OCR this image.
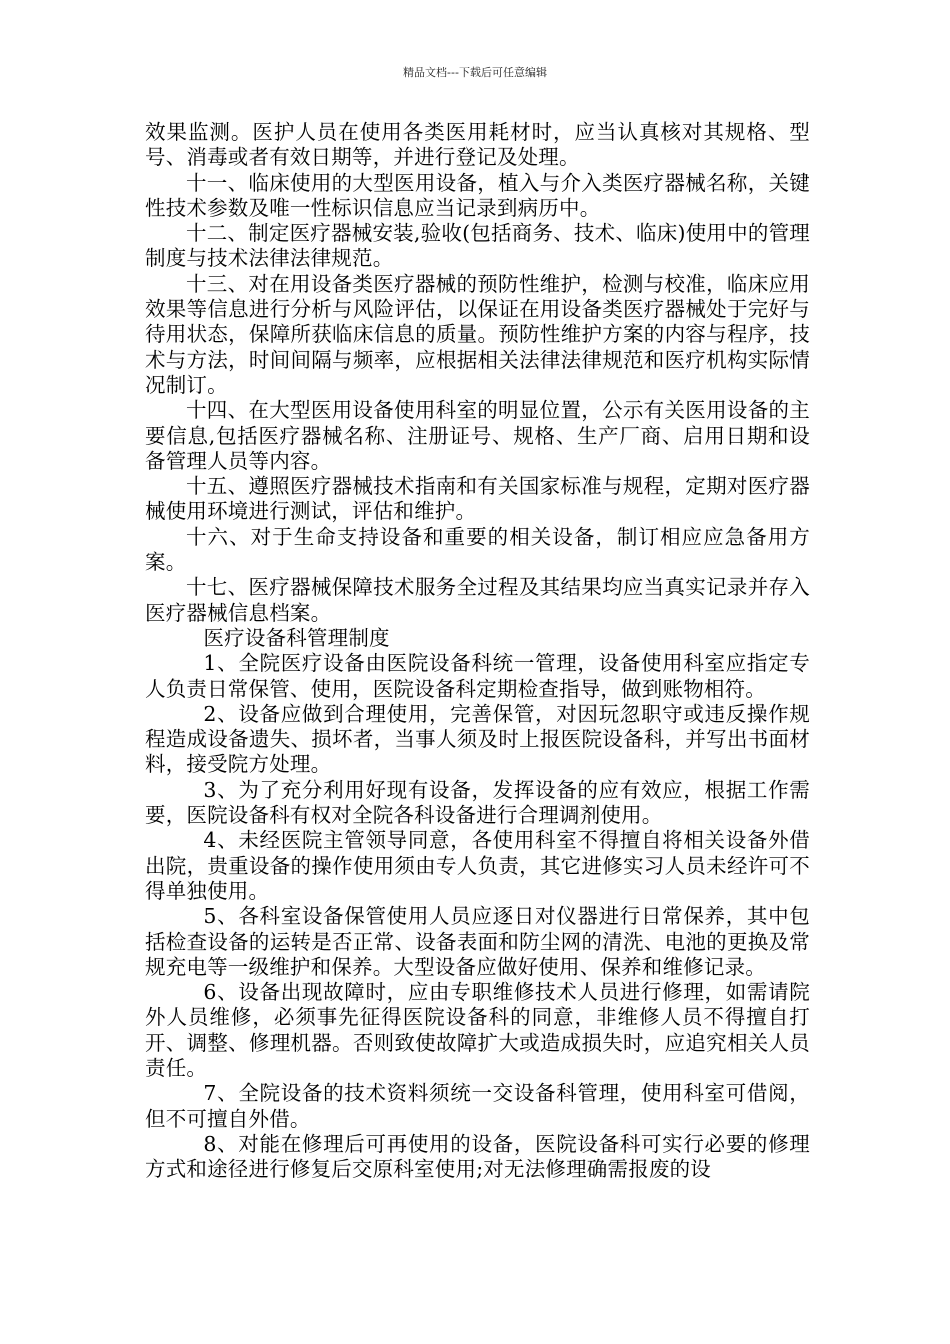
精品文档---下载后可任意编辑

效果监测。医护人员在使用各类医用耗材时，应当认真核对其规格、型号、消毒或者有效日期等，并进行登记及处理。

十一、临床使用的大型医用设备，植入与介入类医疗器械名称，关键性技术参数及唯一性标识信息应当记录到病历中。

十二、制定医疗器械安装,验收(包括商务、技术、临床)使用中的管理制度与技术法律法律规范。

十三、对在用设备类医疗器械的预防性维护，检测与校准，临床应用效果等信息进行分析与风险评估，以保证在用设备类医疗器械处于完好与待用状态，保障所获临床信息的质量。预防性维护方案的内容与程序，技术与方法，时间间隔与频率，应根据相关法律法律规范和医疗机构实际情况制订。

十四、在大型医用设备使用科室的明显位置，公示有关医用设备的主要信息,包括医疗器械名称、注册证号、规格、生产厂商、启用日期和设备管理人员等内容。

十五、遵照医疗器械技术指南和有关国家标准与规程，定期对医疗器械使用环境进行测试，评估和维护。

十六、对于生命支持设备和重要的相关设备，制订相应应急备用方案。

十七、医疗器械保障技术服务全过程及其结果均应当真实记录并存入医疗器械信息档案。

医疗设备科管理制度

1、全院医疗设备由医院设备科统一管理，设备使用科室应指定专人负责日常保管、使用，医院设备科定期检查指导，做到账物相符。

2、设备应做到合理使用，完善保管，对因玩忽职守或违反操作规程造成设备遗失、损坏者，当事人须及时上报医院设备科，并写出书面材料，接受院方处理。

3、为了充分利用好现有设备，发挥设备的应有效应，根据工作需要，医院设备科有权对全院各科设备进行合理调剂使用。

4、未经医院主管领导同意，各使用科室不得擅自将相关设备外借出院，贵重设备的操作使用须由专人负责，其它进修实习人员未经许可不得单独使用。

5、各科室设备保管使用人员应逐日对仪器进行日常保养，其中包括检查设备的运转是否正常、设备表面和防尘网的清洗、电池的更换及常规充电等一级维护和保养。大型设备应做好使用、保养和维修记录。

6、设备出现故障时，应由专职维修技术人员进行修理，如需请院外人员维修，必须事先征得医院设备科的同意，非维修人员不得擅自打开、调整、修理机器。否则致使故障扩大或造成损失时，应追究相关人员责任。

7、全院设备的技术资料须统一交设备科管理，使用科室可借阅，但不可擅自外借。

8、对能在修理后可再使用的设备，医院设备科可实行必要的修理方式和途径进行修复后交原科室使用;对无法修理确需报废的设
